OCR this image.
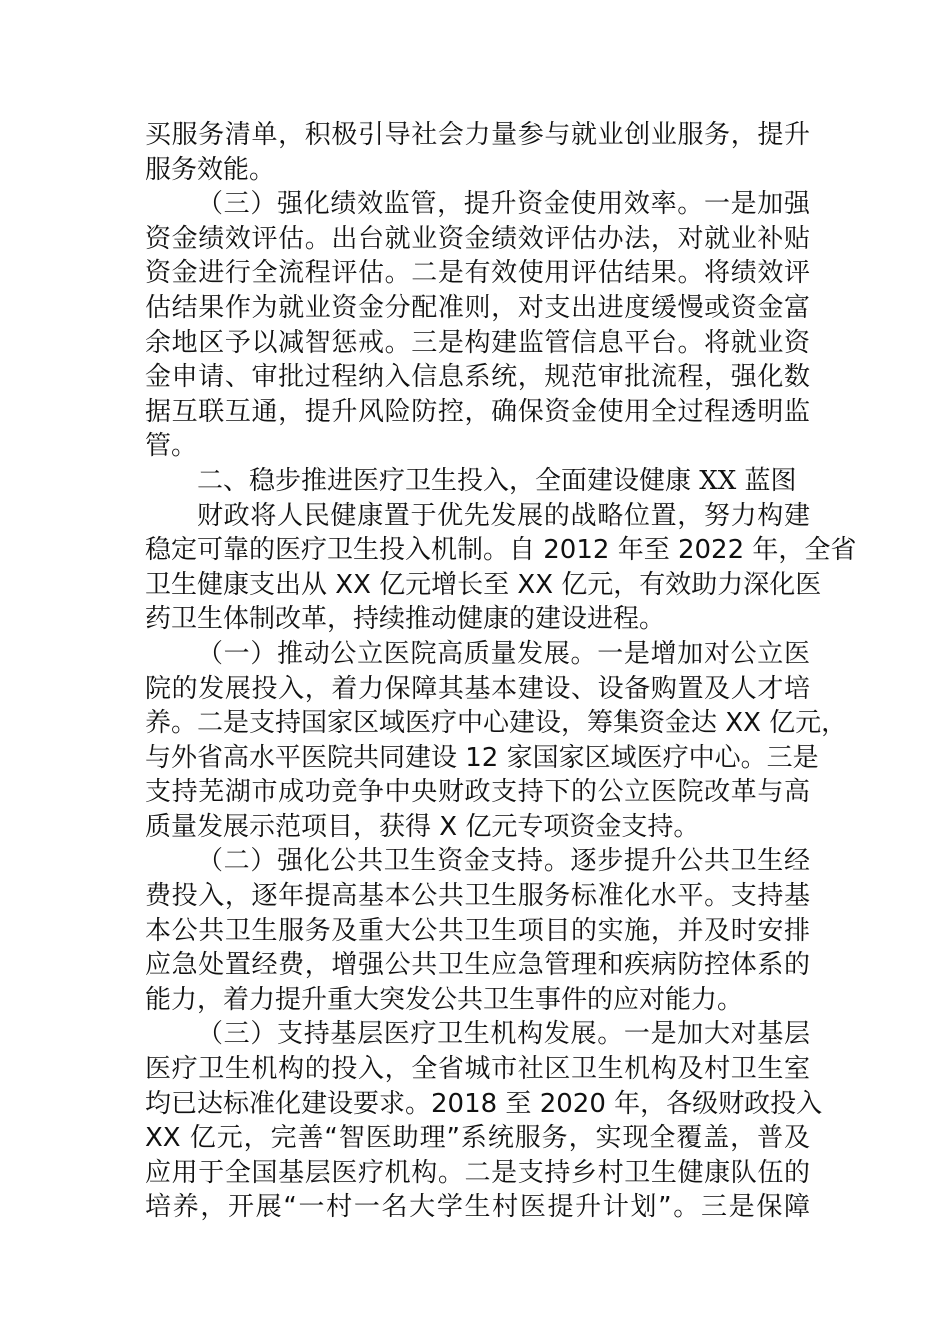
买服务清单，积极引导社会力量参与就业创业服务，提升
服务效能。
（三）强化绩效监管，提升资金使用效率。一是加强
资金绩效评估。出台就业资金绩效评估办法，对就业补贴
资金进行全流程评估。二是有效使用评估结果。将绩效评
估结果作为就业资金分配准则，对支出进度缓慢或资金富
余地区予以减智惩戒。三是构建监管信息平台。将就业资
金申请、审批过程纳入信息系统，规范审批流程，强化数
据互联互通，提升风险防控，确保资金使用全过程透明监
管。
二、稳步推进医疗卫生投入，全面建设健康 XX 蓝图
财政将人民健康置于优先发展的战略位置，努力构建
稳定可靠的医疗卫生投入机制。自 2012 年至 2022 年，全省
卫生健康支出从 XX 亿元增长至 XX 亿元，有效助力深化医
药卫生体制改革，持续推动健康的建设进程。
（一）推动公立医院高质量发展。一是增加对公立医
院的发展投入，着力保障其基本建设、设备购置及人才培
养。二是支持国家区域医疗中心建设，筹集资金达 XX 亿元，
与外省高水平医院共同建设 12 家国家区域医疗中心。三是
支持芜湖市成功竞争中央财政支持下的公立医院改革与高
质量发展示范项目，获得 X 亿元专项资金支持。
（二）强化公共卫生资金支持。逐步提升公共卫生经
费投入，逐年提高基本公共卫生服务标准化水平。支持基
本公共卫生服务及重大公共卫生项目的实施，并及时安排
应急处置经费，增强公共卫生应急管理和疾病防控体系的
能力，着力提升重大突发公共卫生事件的应对能力。
（三）支持基层医疗卫生机构发展。一是加大对基层
医疗卫生机构的投入，全省城市社区卫生机构及村卫生室
均已达标准化建设要求。2018 至 2020 年，各级财政投入
XX 亿元，完善“智医助理”系统服务，实现全覆盖，普及
应用于全国基层医疗机构。二是支持乡村卫生健康队伍的
培养，开展“一村一名大学生村医提升计划”。三是保障
